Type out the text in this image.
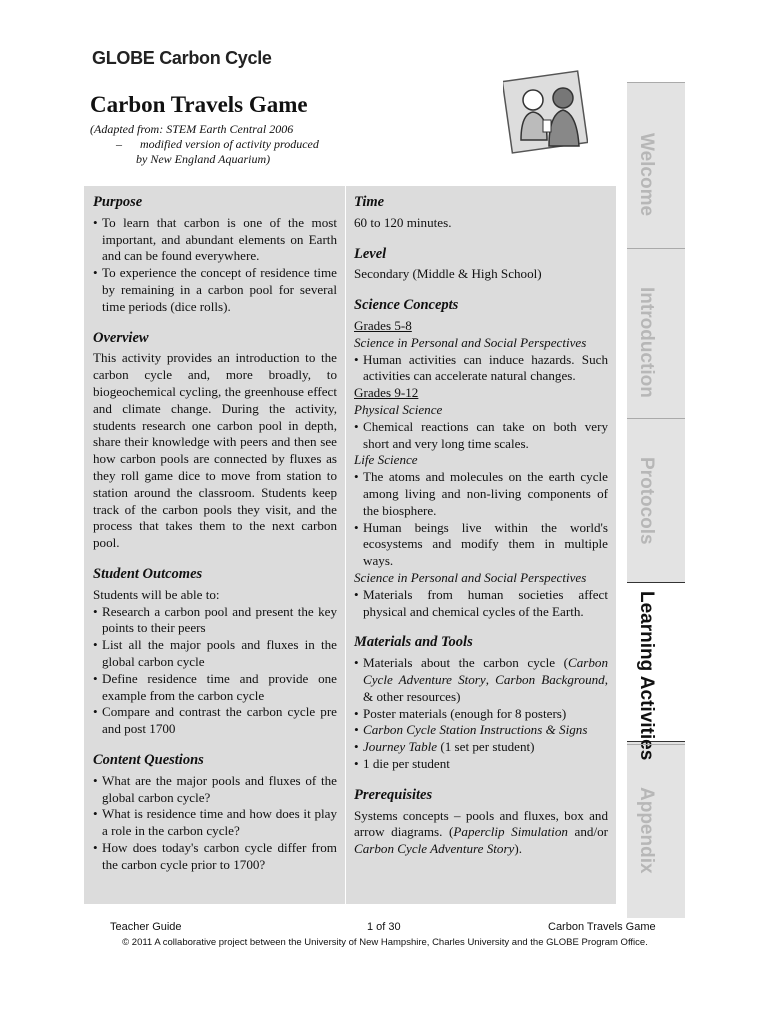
GLOBE Carbon Cycle
Carbon Travels Game
(Adapted from: STEM Earth Central 2006
–      modified version of activity produced
by New England Aquarium)
Purpose
• To learn that carbon is one of the most important, and abundant elements on Earth and can be found everywhere.
• To experience the concept of residence time by remaining in a carbon pool for several time periods (dice rolls).
Overview

This activity provides an introduction to the carbon cycle and, more broadly, to biogeochemical cycling, the greenhouse effect and climate change. During the activity, students research one carbon pool in depth, share their knowledge with peers and then see how carbon pools are connected by fluxes as they roll game dice to move from station to station around the classroom. Students keep track of the carbon pools they visit, and the process that takes them to the next carbon pool.

Student Outcomes

Students will be able to:

• Research a carbon pool and present the key points to their peers
• List all the major pools and fluxes in the global carbon cycle
• Define residence time and provide one example from the carbon cycle
• Compare and contrast the carbon cycle pre and post 1700
Content Questions
• What are the major pools and fluxes of the global carbon cycle?
• What is residence time and how does it play a role in the carbon cycle?
• How does today's carbon cycle differ from the carbon cycle prior to 1700?
Time

60 to 120 minutes.

Level

Secondary (Middle & High School)

Science Concepts

Grades 5-8

Science in Personal and Social Perspectives

• Human activities can induce hazards. Such activities can accelerate natural changes.

Grades 9-12

Physical Science

• Chemical reactions can take on both very short and very long time scales.

Life Science

• The atoms and molecules on the earth cycle among living and non-living components of the biosphere.
• Human beings live within the world's ecosystems and modify them in multiple ways.

Science in Personal and Social Perspectives

• Materials from human societies affect physical and chemical cycles of the Earth.
Materials and Tools
• Materials about the carbon cycle (Carbon Cycle Adventure Story, Carbon Background, & other resources)
• Poster materials (enough for 8 posters)
• Carbon Cycle Station Instructions & Signs
• Journey Table (1 set per student)
• 1 die per student
Prerequisites

Systems concepts – pools and fluxes, box and arrow diagrams. (Paperclip Simulation and/or Carbon Cycle Adventure Story).

Welcome
Introduction
Protocols
Learning Activities
Appendix
Teacher Guide	1 of 30	Carbon Travels Game
© 2011 A collaborative project between the University of New Hampshire, Charles University and the GLOBE Program Office.
